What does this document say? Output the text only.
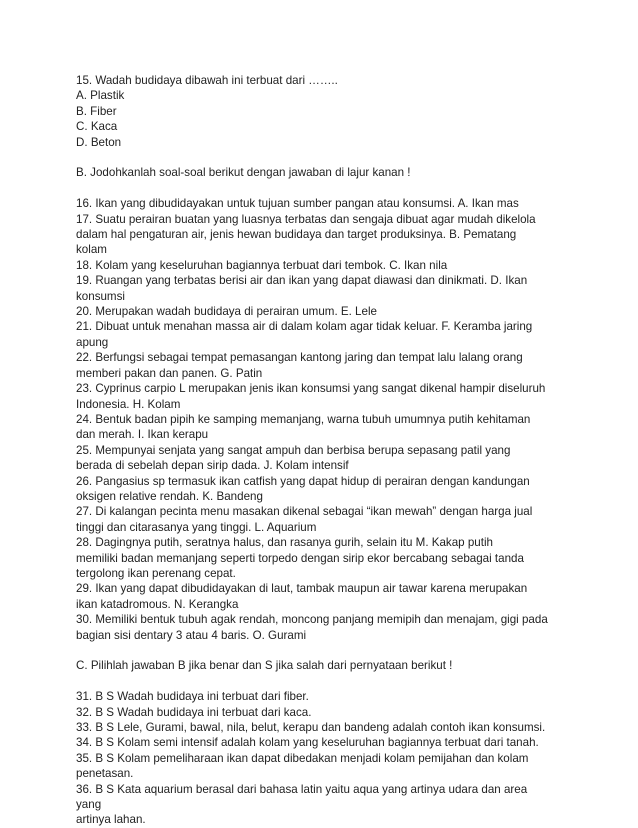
15. Wadah budidaya dibawah ini terbuat dari ……..
A. Plastik
B. Fiber
C. Kaca
D. Beton
B. Jodohkanlah soal-soal berikut dengan jawaban di lajur kanan !
16. Ikan yang dibudidayakan untuk tujuan sumber pangan atau konsumsi. A. Ikan mas
17. Suatu perairan buatan yang luasnya terbatas dan sengaja dibuat agar mudah dikelola
dalam hal pengaturan air, jenis hewan budidaya dan target produksinya. B. Pematang
kolam
18. Kolam yang keseluruhan bagiannya terbuat dari tembok. C. Ikan nila
19. Ruangan yang terbatas berisi air dan ikan yang dapat diawasi dan dinikmati. D. Ikan
konsumsi
20. Merupakan wadah budidaya di perairan umum. E. Lele
21. Dibuat untuk menahan massa air di dalam kolam agar tidak keluar. F. Keramba jaring
apung
22. Berfungsi sebagai tempat pemasangan kantong jaring dan tempat lalu lalang orang
memberi pakan dan panen. G. Patin
23. Cyprinus carpio L merupakan jenis ikan konsumsi yang sangat dikenal hampir diseluruh
Indonesia. H. Kolam
24. Bentuk badan pipih ke samping memanjang, warna tubuh umumnya putih kehitaman
dan merah. I. Ikan kerapu
25. Mempunyai senjata yang sangat ampuh dan berbisa berupa sepasang patil yang
berada di sebelah depan sirip dada. J. Kolam intensif
26. Pangasius sp termasuk ikan catfish yang dapat hidup di perairan dengan kandungan
oksigen relative rendah. K. Bandeng
27. Di kalangan pecinta menu masakan dikenal sebagai “ikan mewah” dengan harga jual
tinggi dan citarasanya yang tinggi. L. Aquarium
28. Dagingnya putih, seratnya halus, dan rasanya gurih, selain itu M. Kakap putih
memiliki badan memanjang seperti torpedo dengan sirip ekor bercabang sebagai tanda
tergolong ikan perenang cepat.
29. Ikan yang dapat dibudidayakan di laut, tambak maupun air tawar karena merupakan
ikan katadromous. N. Kerangka
30. Memiliki bentuk tubuh agak rendah, moncong panjang memipih dan menajam, gigi pada
bagian sisi dentary 3 atau 4 baris. O. Gurami
C. Pilihlah jawaban B jika benar dan S jika salah dari pernyataan berikut !
31. B S Wadah budidaya ini terbuat dari fiber.
32. B S Wadah budidaya ini terbuat dari kaca.
33. B S Lele, Gurami, bawal, nila, belut, kerapu dan bandeng adalah contoh ikan konsumsi.
34. B S Kolam semi intensif adalah kolam yang keseluruhan bagiannya terbuat dari tanah.
35. B S Kolam pemeliharaan ikan dapat dibedakan menjadi kolam pemijahan dan kolam
penetasan.
36. B S Kata aquarium berasal dari bahasa latin yaitu aqua yang artinya udara dan area
yang
artinya lahan.
